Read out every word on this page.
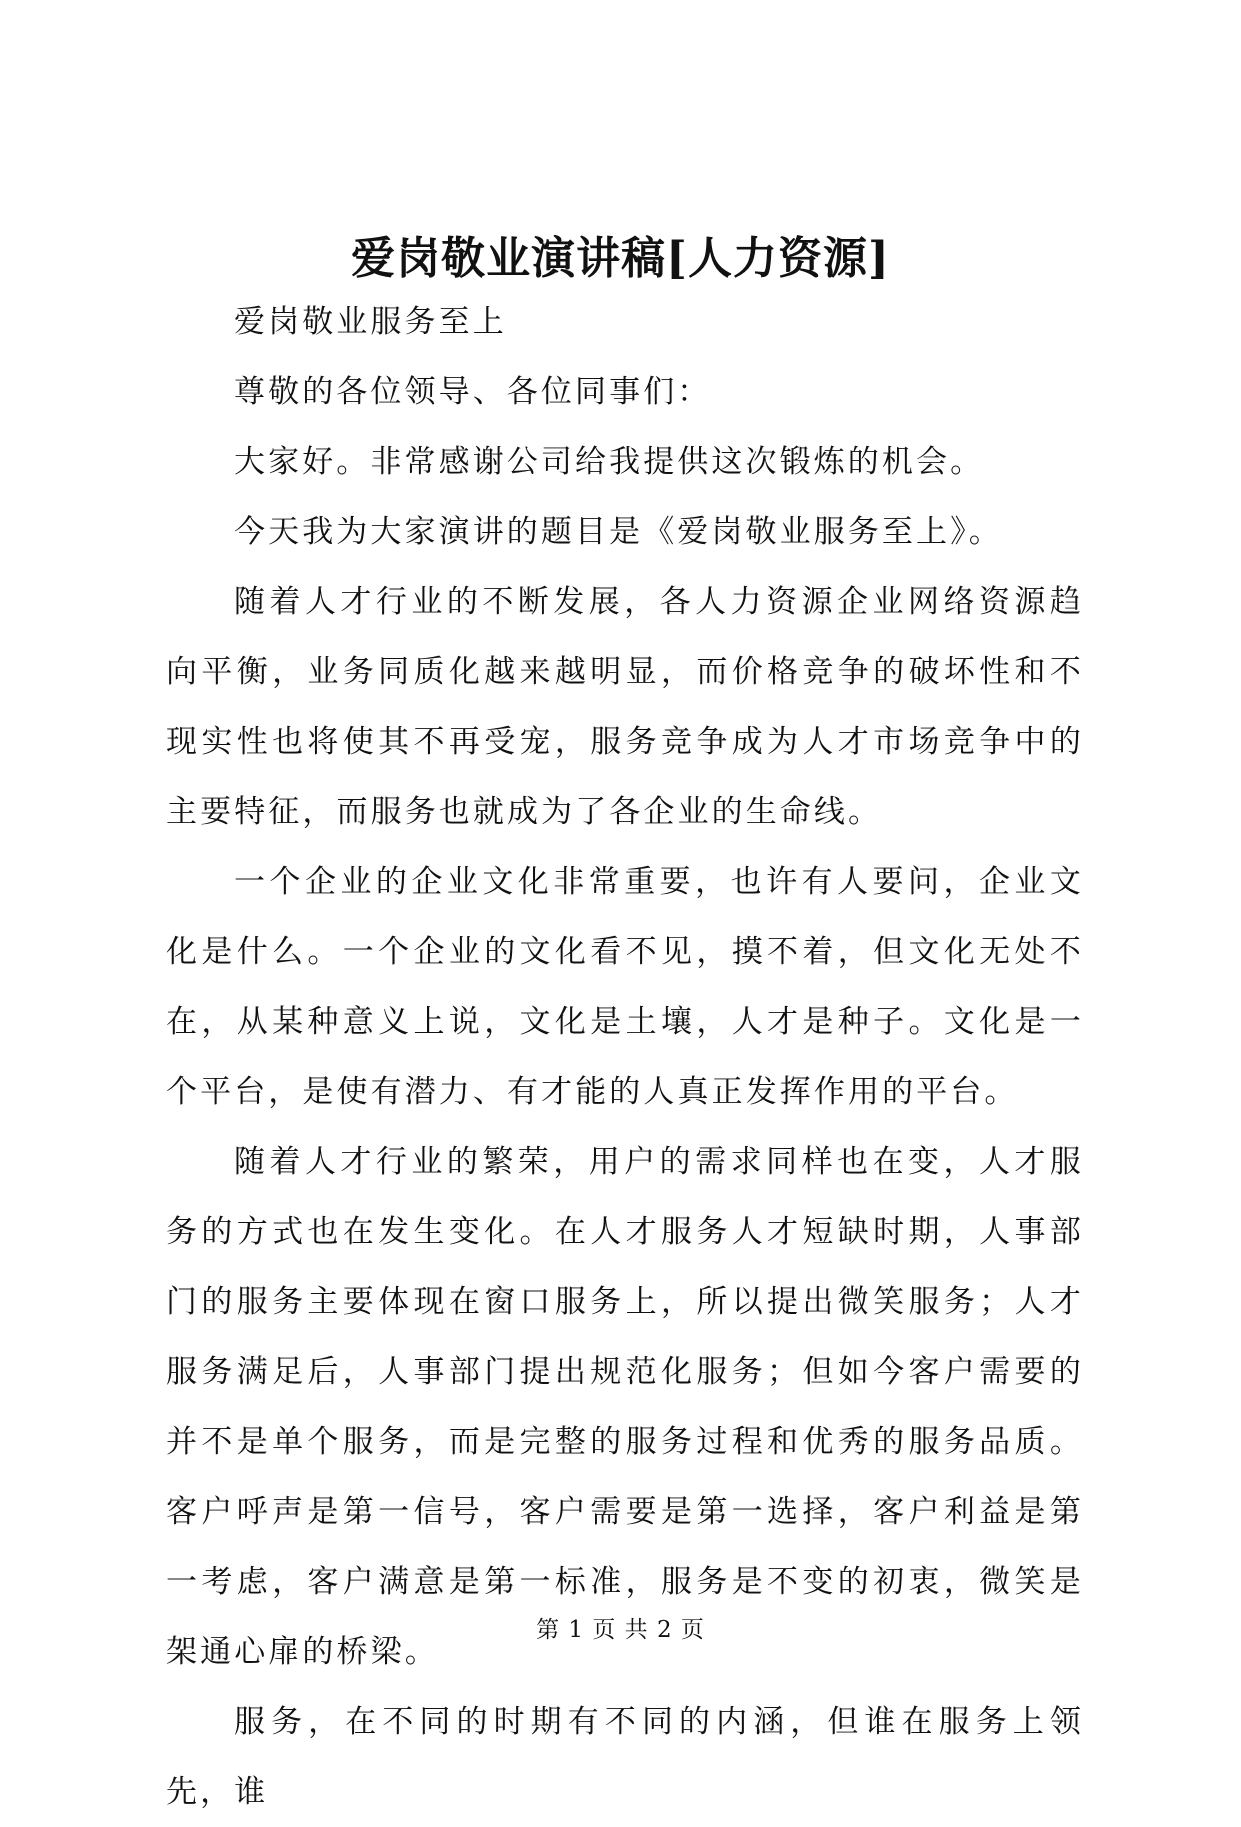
爱岗敬业演讲稿[人力资源]

爱岗敬业服务至上

尊敬的各位领导、各位同事们：

大家好。非常感谢公司给我提供这次锻炼的机会。

今天我为大家演讲的题目是《爱岗敬业服务至上》。

随着人才行业的不断发展，各人力资源企业网络资源趋向平衡，业务同质化越来越明显，而价格竞争的破坏性和不现实性也将使其不再受宠，服务竞争成为人才市场竞争中的主要特征，而服务也就成为了各企业的生命线。

一个企业的企业文化非常重要，也许有人要问，企业文化是什么。一个企业的文化看不见，摸不着，但文化无处不在，从某种意义上说，文化是土壤，人才是种子。文化是一个平台，是使有潜力、有才能的人真正发挥作用的平台。

随着人才行业的繁荣，用户的需求同样也在变，人才服务的方式也在发生变化。在人才服务人才短缺时期，人事部门的服务主要体现在窗口服务上，所以提出微笑服务；人才服务满足后，人事部门提出规范化服务；但如今客户需要的并不是单个服务，而是完整的服务过程和优秀的服务品质。客户呼声是第一信号，客户需要是第一选择，客户利益是第一考虑，客户满意是第一标准，服务是不变的初衷，微笑是架通心扉的桥梁。

服务，在不同的时期有不同的内涵，但谁在服务上领先，谁

第 1 页 共 2 页
